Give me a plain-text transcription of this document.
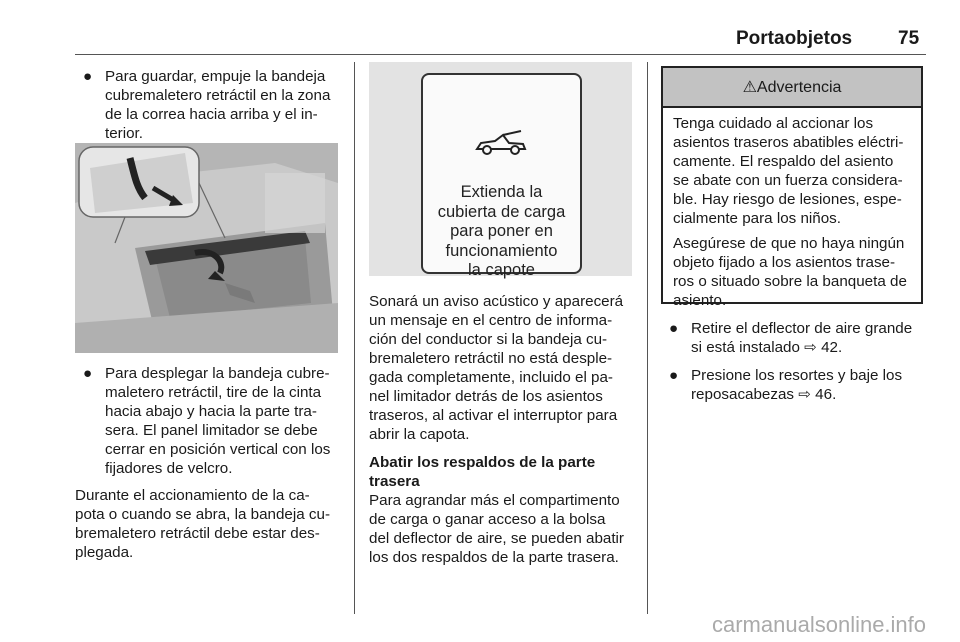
Portaobjetos 75
● Para guardar, empuje la bandeja
cubremaletero retráctil en la zona
de la correa hacia arriba y el in-
terior.
● Para desplegar la bandeja cubre-
maletero retráctil, tire de la cinta
hacia abajo y hacia la parte tra-
sera. El panel limitador se debe
cerrar en posición vertical con los
fijadores de velcro.

Durante el accionamiento de la ca-
pota o cuando se abra, la bandeja cu-
bremaletero retráctil debe estar des-
plegada.

Extienda la
cubierta de carga
para poner en
funcionamiento
la capote

Sonará un aviso acústico y aparecerá
un mensaje en el centro de informa-
ción del conductor si la bandeja cu-
bremaletero retráctil no está desple-
gada completamente, incluido el pa-
nel limitador detrás de los asientos
traseros, al activar el interruptor para
abrir la capota.

Abatir los respaldos de la parte
trasera

Para agrandar más el compartimento
de carga o ganar acceso a la bolsa
del deflector de aire, se pueden abatir
los dos respaldos de la parte trasera.

⚠Advertencia

Tenga cuidado al accionar los
asientos traseros abatibles eléctri-
camente. El respaldo del asiento
se abate con un fuerza considera-
ble. Hay riesgo de lesiones, espe-
cialmente para los niños.

Asegúrese de que no haya ningún
objeto fijado a los asientos trase-
ros o situado sobre la banqueta de
asiento.

● Retire el deflector de aire grande
si está instalado ⇨ 42.
● Presione los resortes y baje los
reposacabezas ⇨ 46.
carmanualsonline.info
